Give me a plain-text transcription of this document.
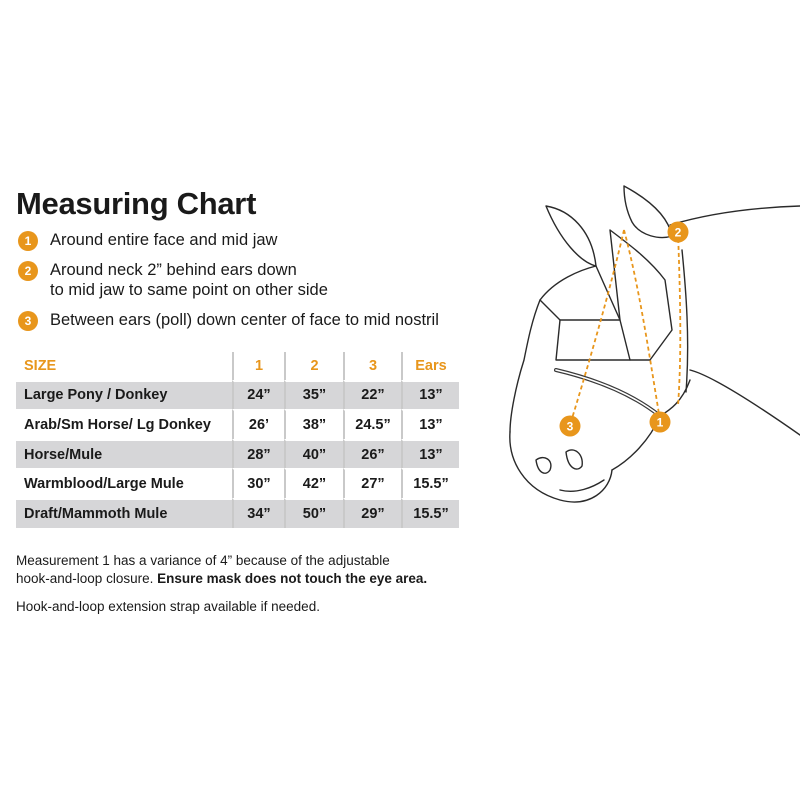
Measuring Chart
1	Around entire face and mid jaw
2	Around neck 2” behind ears down
to mid jaw to same point on other side
3	Between ears (poll) down center of face to mid nostril
SIZE	1	2	3	Ears
Large Pony / Donkey	24”	35”	22”	13”
Arab/Sm Horse/ Lg Donkey	26’	38”	24.5”	13”
Horse/Mule	28”	40”	26”	13”
Warmblood/Large Mule	30”	42”	27”	15.5”
Draft/Mammoth Mule	34”	50”	29”	15.5”
Measurement 1 has a variance of 4” because of the adjustable
hook-and-loop closure. Ensure mask does not touch the eye area.
Hook-and-loop extension strap available if needed.
2
3	1
